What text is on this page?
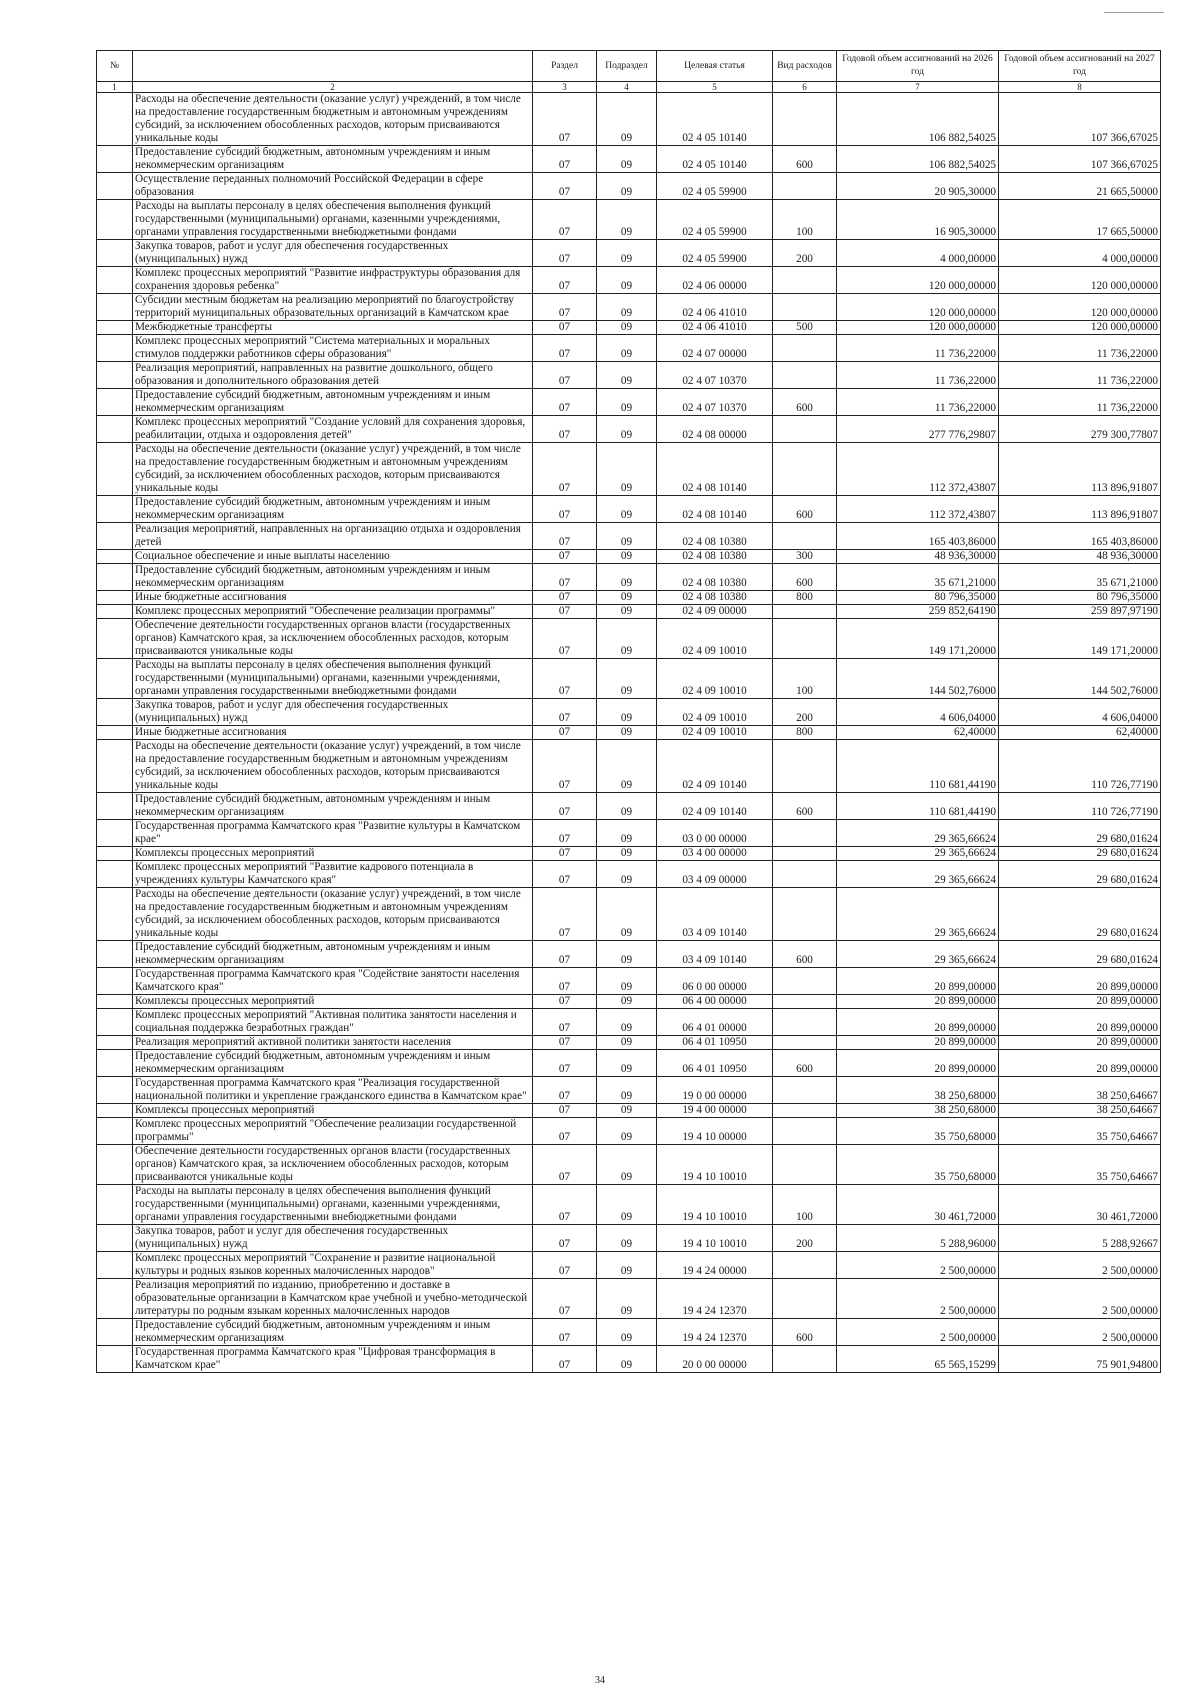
№		Раздел	Подраздел	Целевая статья	Вид расходов	Годовой объем ассигнований на 2026 год	Годовой объем ассигнований на 2027 год
1	2	3	4	5	6	7	8
	Расходы на обеспечение деятельности (оказание услуг) учреждений, в том числе на предоставление государственным бюджетным и автономным учреждениям субсидий, за исключением обособленных расходов, которым присваиваются уникальные коды	07	09	02 4 05 10140		106 882,54025	107 366,67025
	Предоставление субсидий бюджетным, автономным учреждениям и иным некоммерческим организациям	07	09	02 4 05 10140	600	106 882,54025	107 366,67025
	Осуществление переданных полномочий Российской Федерации в сфере образования	07	09	02 4 05 59900		20 905,30000	21 665,50000
	Расходы на выплаты персоналу в целях обеспечения выполнения функций государственными (муниципальными) органами, казенными учреждениями, органами управления государственными внебюджетными фондами	07	09	02 4 05 59900	100	16 905,30000	17 665,50000
	Закупка товаров, работ и услуг для обеспечения государственных (муниципальных) нужд	07	09	02 4 05 59900	200	4 000,00000	4 000,00000
	Комплекс процессных мероприятий "Развитие инфраструктуры образования для сохранения здоровья ребенка"	07	09	02 4 06 00000		120 000,00000	120 000,00000
	Субсидии местным бюджетам на реализацию мероприятий по благоустройству территорий муниципальных образовательных организаций в Камчатском крае	07	09	02 4 06 41010		120 000,00000	120 000,00000
	Межбюджетные трансферты	07	09	02 4 06 41010	500	120 000,00000	120 000,00000
	Комплекс процессных мероприятий "Система материальных и моральных стимулов поддержки работников сферы образования"	07	09	02 4 07 00000		11 736,22000	11 736,22000
	Реализация мероприятий, направленных на развитие дошкольного, общего образования и дополнительного образования детей	07	09	02 4 07 10370		11 736,22000	11 736,22000
	Предоставление субсидий бюджетным, автономным учреждениям и иным некоммерческим организациям	07	09	02 4 07 10370	600	11 736,22000	11 736,22000
	Комплекс процессных мероприятий "Создание условий для сохранения здоровья, реабилитации, отдыха и оздоровления детей"	07	09	02 4 08 00000		277 776,29807	279 300,77807
	Расходы на обеспечение деятельности (оказание услуг) учреждений, в том числе на предоставление государственным бюджетным и автономным учреждениям субсидий, за исключением обособленных расходов, которым присваиваются уникальные коды	07	09	02 4 08 10140		112 372,43807	113 896,91807
	Предоставление субсидий бюджетным, автономным учреждениям и иным некоммерческим организациям	07	09	02 4 08 10140	600	112 372,43807	113 896,91807
	Реализация мероприятий, направленных на организацию отдыха и оздоровления детей	07	09	02 4 08 10380		165 403,86000	165 403,86000
	Социальное обеспечение и иные выплаты населению	07	09	02 4 08 10380	300	48 936,30000	48 936,30000
	Предоставление субсидий бюджетным, автономным учреждениям и иным некоммерческим организациям	07	09	02 4 08 10380	600	35 671,21000	35 671,21000
	Иные бюджетные ассигнования	07	09	02 4 08 10380	800	80 796,35000	80 796,35000
	Комплекс процессных мероприятий "Обеспечение реализации программы"	07	09	02 4 09 00000		259 852,64190	259 897,97190
	Обеспечение деятельности государственных органов власти (государственных органов) Камчатского края, за исключением обособленных расходов, которым присваиваются уникальные коды	07	09	02 4 09 10010		149 171,20000	149 171,20000
	Расходы на выплаты персоналу в целях обеспечения выполнения функций государственными (муниципальными) органами, казенными учреждениями, органами управления государственными внебюджетными фондами	07	09	02 4 09 10010	100	144 502,76000	144 502,76000
	Закупка товаров, работ и услуг для обеспечения государственных (муниципальных) нужд	07	09	02 4 09 10010	200	4 606,04000	4 606,04000
	Иные бюджетные ассигнования	07	09	02 4 09 10010	800	62,40000	62,40000
	Расходы на обеспечение деятельности (оказание услуг) учреждений, в том числе на предоставление государственным бюджетным и автономным учреждениям субсидий, за исключением обособленных расходов, которым присваиваются уникальные коды	07	09	02 4 09 10140		110 681,44190	110 726,77190
	Предоставление субсидий бюджетным, автономным учреждениям и иным некоммерческим организациям	07	09	02 4 09 10140	600	110 681,44190	110 726,77190
	Государственная программа Камчатского края "Развитие культуры в Камчатском крае"	07	09	03 0 00 00000		29 365,66624	29 680,01624
	Комплексы процессных мероприятий	07	09	03 4 00 00000		29 365,66624	29 680,01624
	Комплекс процессных мероприятий "Развитие кадрового потенциала в учреждениях культуры Камчатского края"	07	09	03 4 09 00000		29 365,66624	29 680,01624
	Расходы на обеспечение деятельности (оказание услуг) учреждений, в том числе на предоставление государственным бюджетным и автономным учреждениям субсидий, за исключением обособленных расходов, которым присваиваются уникальные коды	07	09	03 4 09 10140		29 365,66624	29 680,01624
	Предоставление субсидий бюджетным, автономным учреждениям и иным некоммерческим организациям	07	09	03 4 09 10140	600	29 365,66624	29 680,01624
	Государственная программа Камчатского края "Содействие занятости населения Камчатского края"	07	09	06 0 00 00000		20 899,00000	20 899,00000
	Комплексы процессных мероприятий	07	09	06 4 00 00000		20 899,00000	20 899,00000
	Комплекс процессных мероприятий "Активная политика занятости населения и социальная поддержка безработных граждан"	07	09	06 4 01 00000		20 899,00000	20 899,00000
	Реализация мероприятий активной политики занятости населения	07	09	06 4 01 10950		20 899,00000	20 899,00000
	Предоставление субсидий бюджетным, автономным учреждениям и иным некоммерческим организациям	07	09	06 4 01 10950	600	20 899,00000	20 899,00000
	Государственная программа Камчатского края "Реализация государственной национальной политики и укрепление гражданского единства в Камчатском крае"	07	09	19 0 00 00000		38 250,68000	38 250,64667
	Комплексы процессных мероприятий	07	09	19 4 00 00000		38 250,68000	38 250,64667
	Комплекс процессных мероприятий "Обеспечение реализации государственной программы"	07	09	19 4 10 00000		35 750,68000	35 750,64667
	Обеспечение деятельности государственных органов власти (государственных органов) Камчатского края, за исключением обособленных расходов, которым присваиваются уникальные коды	07	09	19 4 10 10010		35 750,68000	35 750,64667
	Расходы на выплаты персоналу в целях обеспечения выполнения функций государственными (муниципальными) органами, казенными учреждениями, органами управления государственными внебюджетными фондами	07	09	19 4 10 10010	100	30 461,72000	30 461,72000
	Закупка товаров, работ и услуг для обеспечения государственных (муниципальных) нужд	07	09	19 4 10 10010	200	5 288,96000	5 288,92667
	Комплекс процессных мероприятий "Сохранение и развитие национальной культуры и родных языков коренных малочисленных народов"	07	09	19 4 24 00000		2 500,00000	2 500,00000
	Реализация мероприятий по изданию, приобретению и доставке в образовательные организации в Камчатском крае учебной и учебно-методической литературы по родным языкам коренных малочисленных народов	07	09	19 4 24 12370		2 500,00000	2 500,00000
	Предоставление субсидий бюджетным, автономным учреждениям и иным некоммерческим организациям	07	09	19 4 24 12370	600	2 500,00000	2 500,00000
	Государственная программа Камчатского края "Цифровая трансформация в Камчатском крае"	07	09	20 0 00 00000		65 565,15299	75 901,94800
34
